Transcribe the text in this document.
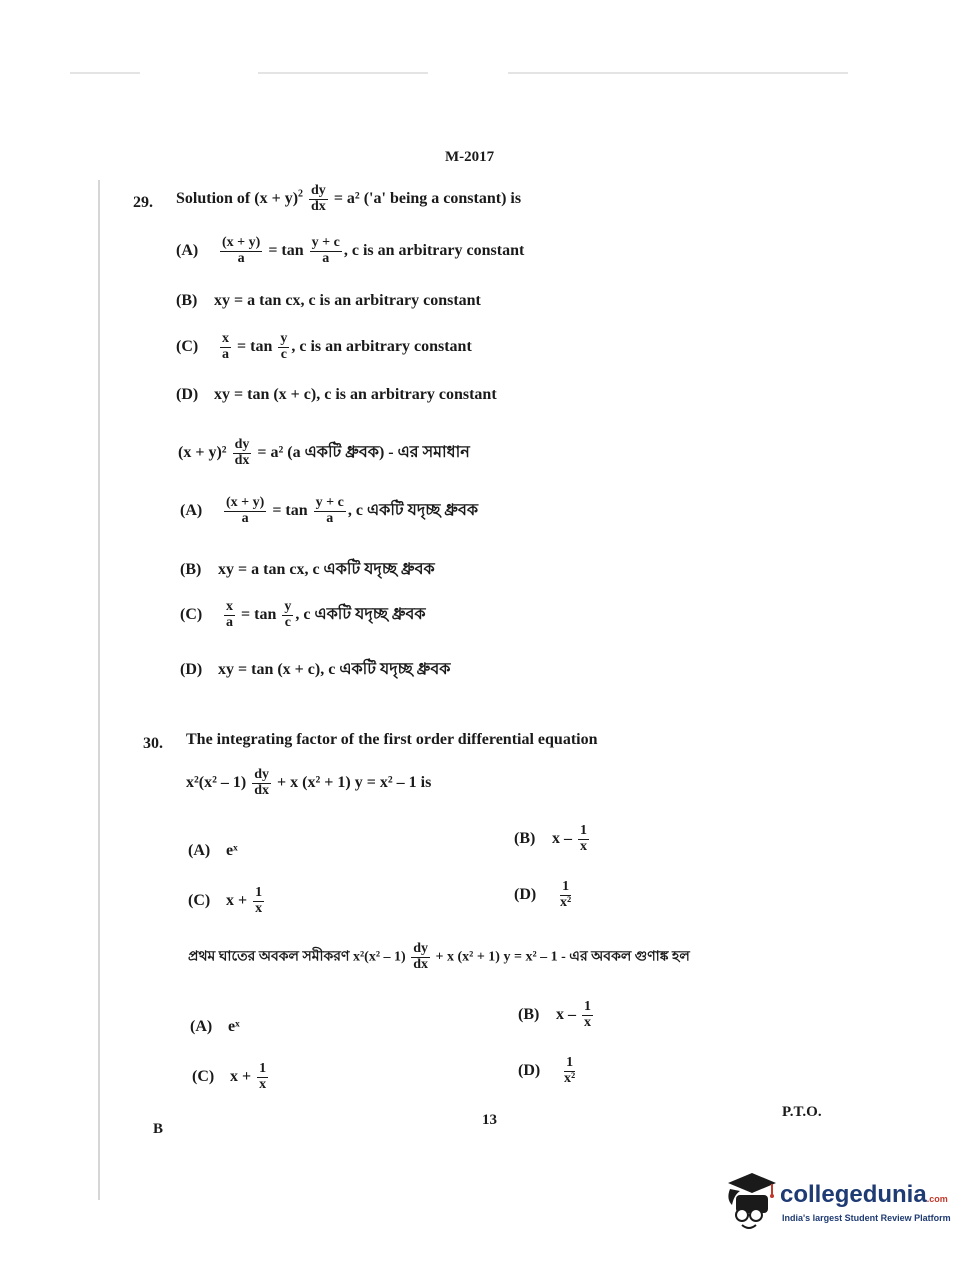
M-2017
29. Solution of $(x + y)^2 \frac{dy}{dx} = a^2$ ('a' being a constant) is
$(A) \frac{(x + y)}{a} = \tan \frac{y + c}{a}$ , c is an arbitrary constant
(B) xy = a tan cx, c is an arbitrary constant
$(C) \frac{x}{a} = \tan \frac{y}{c}$ , c is an arbitrary constant
(D) xy = tan (x + c), c is an arbitrary constant
$(x + y)^2 \frac{dy}{dx} = a^2$ (a একটি ধ্রুবক) - এর সমাধান
$(A) \frac{(x + y)}{a} = \tan \frac{y + c}{a}$ , c একটি যদৃচ্ছ ধ্রুবক
(B) xy = a tan cx, c একটি যদৃচ্ছ ধ্রুবক
$(C) \frac{x}{a} = \tan \frac{y}{c}$ , c একটি যদৃচ্ছ ধ্রুবক
(D) xy = tan (x + c), c একটি যদৃচ্ছ ধ্রুবক
30. The integrating factor of the first order differential equation
$x^2(x^2 - 1) \frac{dy}{dx} + x$ (x² + 1) y = x² – 1 is
(A) eˣ
(B) x – $\frac{1}{x}$
(C) $x + \frac{1}{x}$	$(D) \frac{1}{\text{x²}}$
প্রথম ঘাতের অবকল সমীকরণ $x^2(x^2 - 1) \frac{dy}{dx} + x$ (x² + 1) y = x² – 1 - এর অবকল গুণাঙ্ক হল
(A) eˣ
(B) x – $\frac{1}{x}$
(C) $x + \frac{1}{x}$	$(D) \frac{1}{\text{x²}}$
B
13	P.T.O.
collegedunia.com
India's largest Student Review Platform
